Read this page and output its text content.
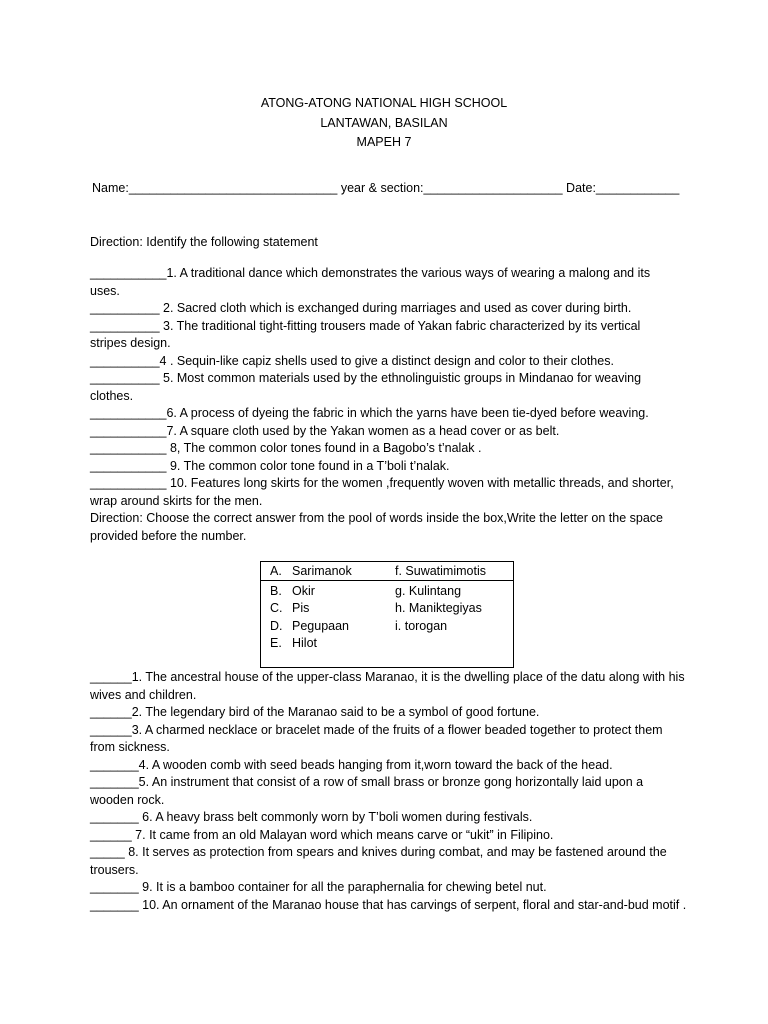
ATONG-ATONG NATIONAL HIGH SCHOOL
LANTAWAN, BASILAN
MAPEH 7
Name:______________________________ year & section:____________________ Date:____________
Direction: Identify the following statement

___________1. A traditional dance which demonstrates the various ways of wearing a malong and its uses.

__________ 2. Sacred cloth which is exchanged during marriages and used as cover during birth.

__________ 3. The traditional tight-fitting trousers made of Yakan fabric characterized by its vertical stripes design.

__________4 . Sequin-like capiz shells used to give a distinct design and color to their clothes.

__________ 5. Most common materials used by the ethnolinguistic groups in Mindanao for weaving clothes.

___________6. A process of dyeing the fabric in which the yarns have been tie-dyed before weaving.

___________7. A square cloth used by the Yakan women as a head cover or as belt.

___________ 8, The common color tones found in a Bagobo’s t’nalak .

___________ 9. The common color tone found in a T’boli t’nalak.

___________ 10. Features long skirts for the women ,frequently woven with metallic threads, and shorter, wrap around skirts for the men.

Direction: Choose the correct answer from the pool of words inside the box,Write the letter on the space provided before the number.
A. Sarimanok	f. Suwatimimotis
B. Okir	g. Kulintang
C. Pis	h. Maniktegiyas
D. Pegupaan	i. torogan
E. Hilot

______1. The ancestral house of the upper-class Maranao, it is the dwelling place of the datu along with his wives and children.

______2. The legendary bird of the Maranao said to be a symbol of good fortune.

______3. A charmed necklace or bracelet made of the fruits of a flower beaded together to protect them from sickness.

_______4. A wooden comb with seed beads hanging from it,worn toward the back of the head.

_______5. An instrument that consist of a row of small brass or bronze gong horizontally laid upon a wooden rock.

_______ 6. A heavy brass belt commonly worn by T’boli women during festivals.

______ 7. It came from an old Malayan word which means carve or “ukit” in Filipino.

_____ 8. It serves as protection from spears and knives during combat, and may be fastened around the trousers.

_______ 9. It is a bamboo container for all the paraphernalia for chewing betel nut.

_______ 10. An ornament of the Maranao house that has carvings of serpent, floral and star-and-bud motif .
